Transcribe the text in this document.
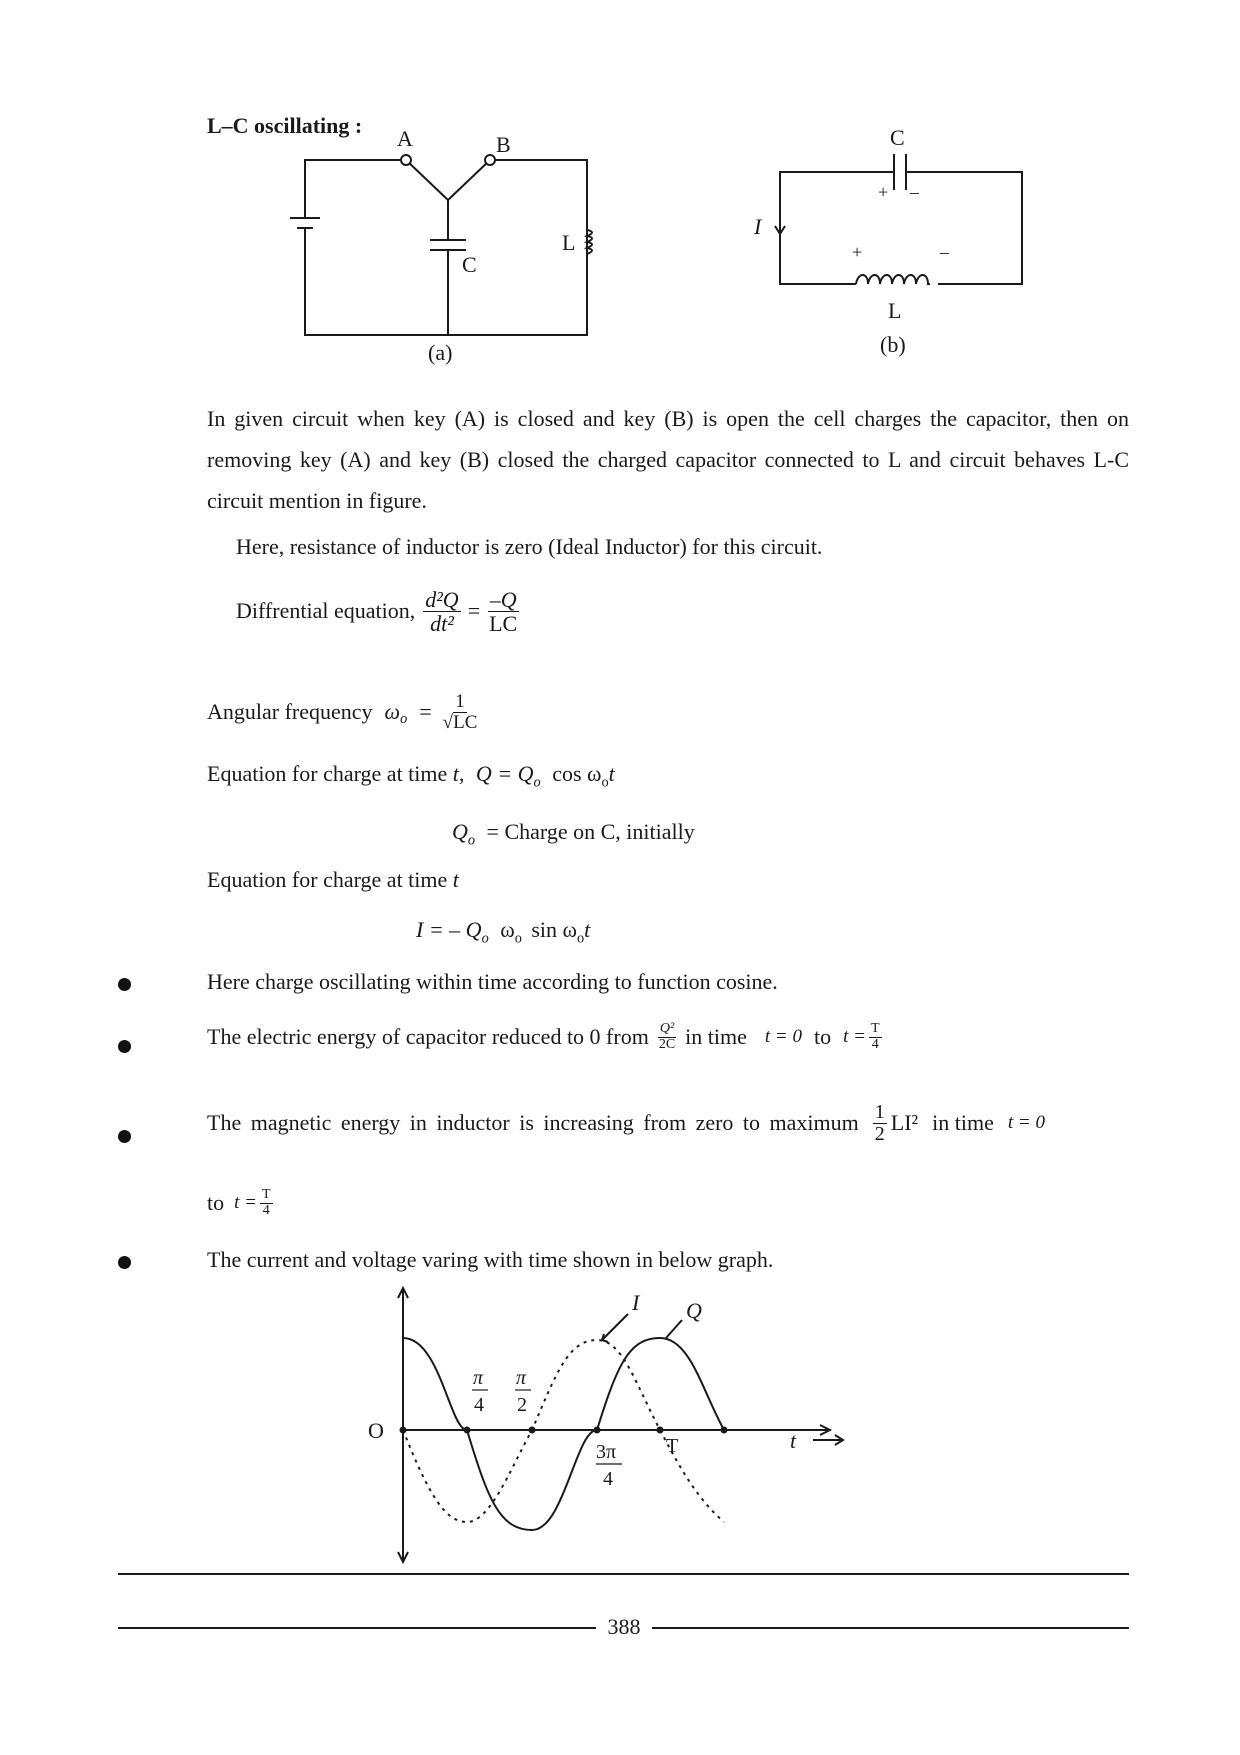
L–C oscillating :
A	B
C
L
(a)
C
+ –
+	–
I
L
(b)
In given circuit when key (A) is closed and key (B) is open the cell charges the capacitor, then on removing key (A) and key (B) closed the charged capacitor connected to L and circuit behaves L-C circuit mention in figure.
Here, resistance of inductor is zero (Ideal Inductor) for this circuit.
Diffrential equation, $\frac{\text{d²Q}}{\text{dt²}} = \frac{-Q}{LC}$
Angular frequency $\omega_o = \frac{1}{√LC}$
Equation for charge at time t, $Q = Q_o$ $\cos \omega_ot$
$Q_o$ = Charge on C, initially
Equation for charge at time t
I = – $Q_o$ $\omega_o$ $\sin \omega_ot$
Here charge oscillating within time according to function cosine.
The electric energy of capacitor reduced to 0 from $\frac{\text{Q²}}{2C}$ in time t = 0 to $t = \frac{T}{4}$
The magnetic energy in inductor is increasing from zero to maximum $\frac{1}{2} LI^2$ in time t = 0
to $t = \frac{T}{4}$
The current and voltage varing with time shown in below graph.
O
π
4
π
2
3π
4
T	t
I Q
388
